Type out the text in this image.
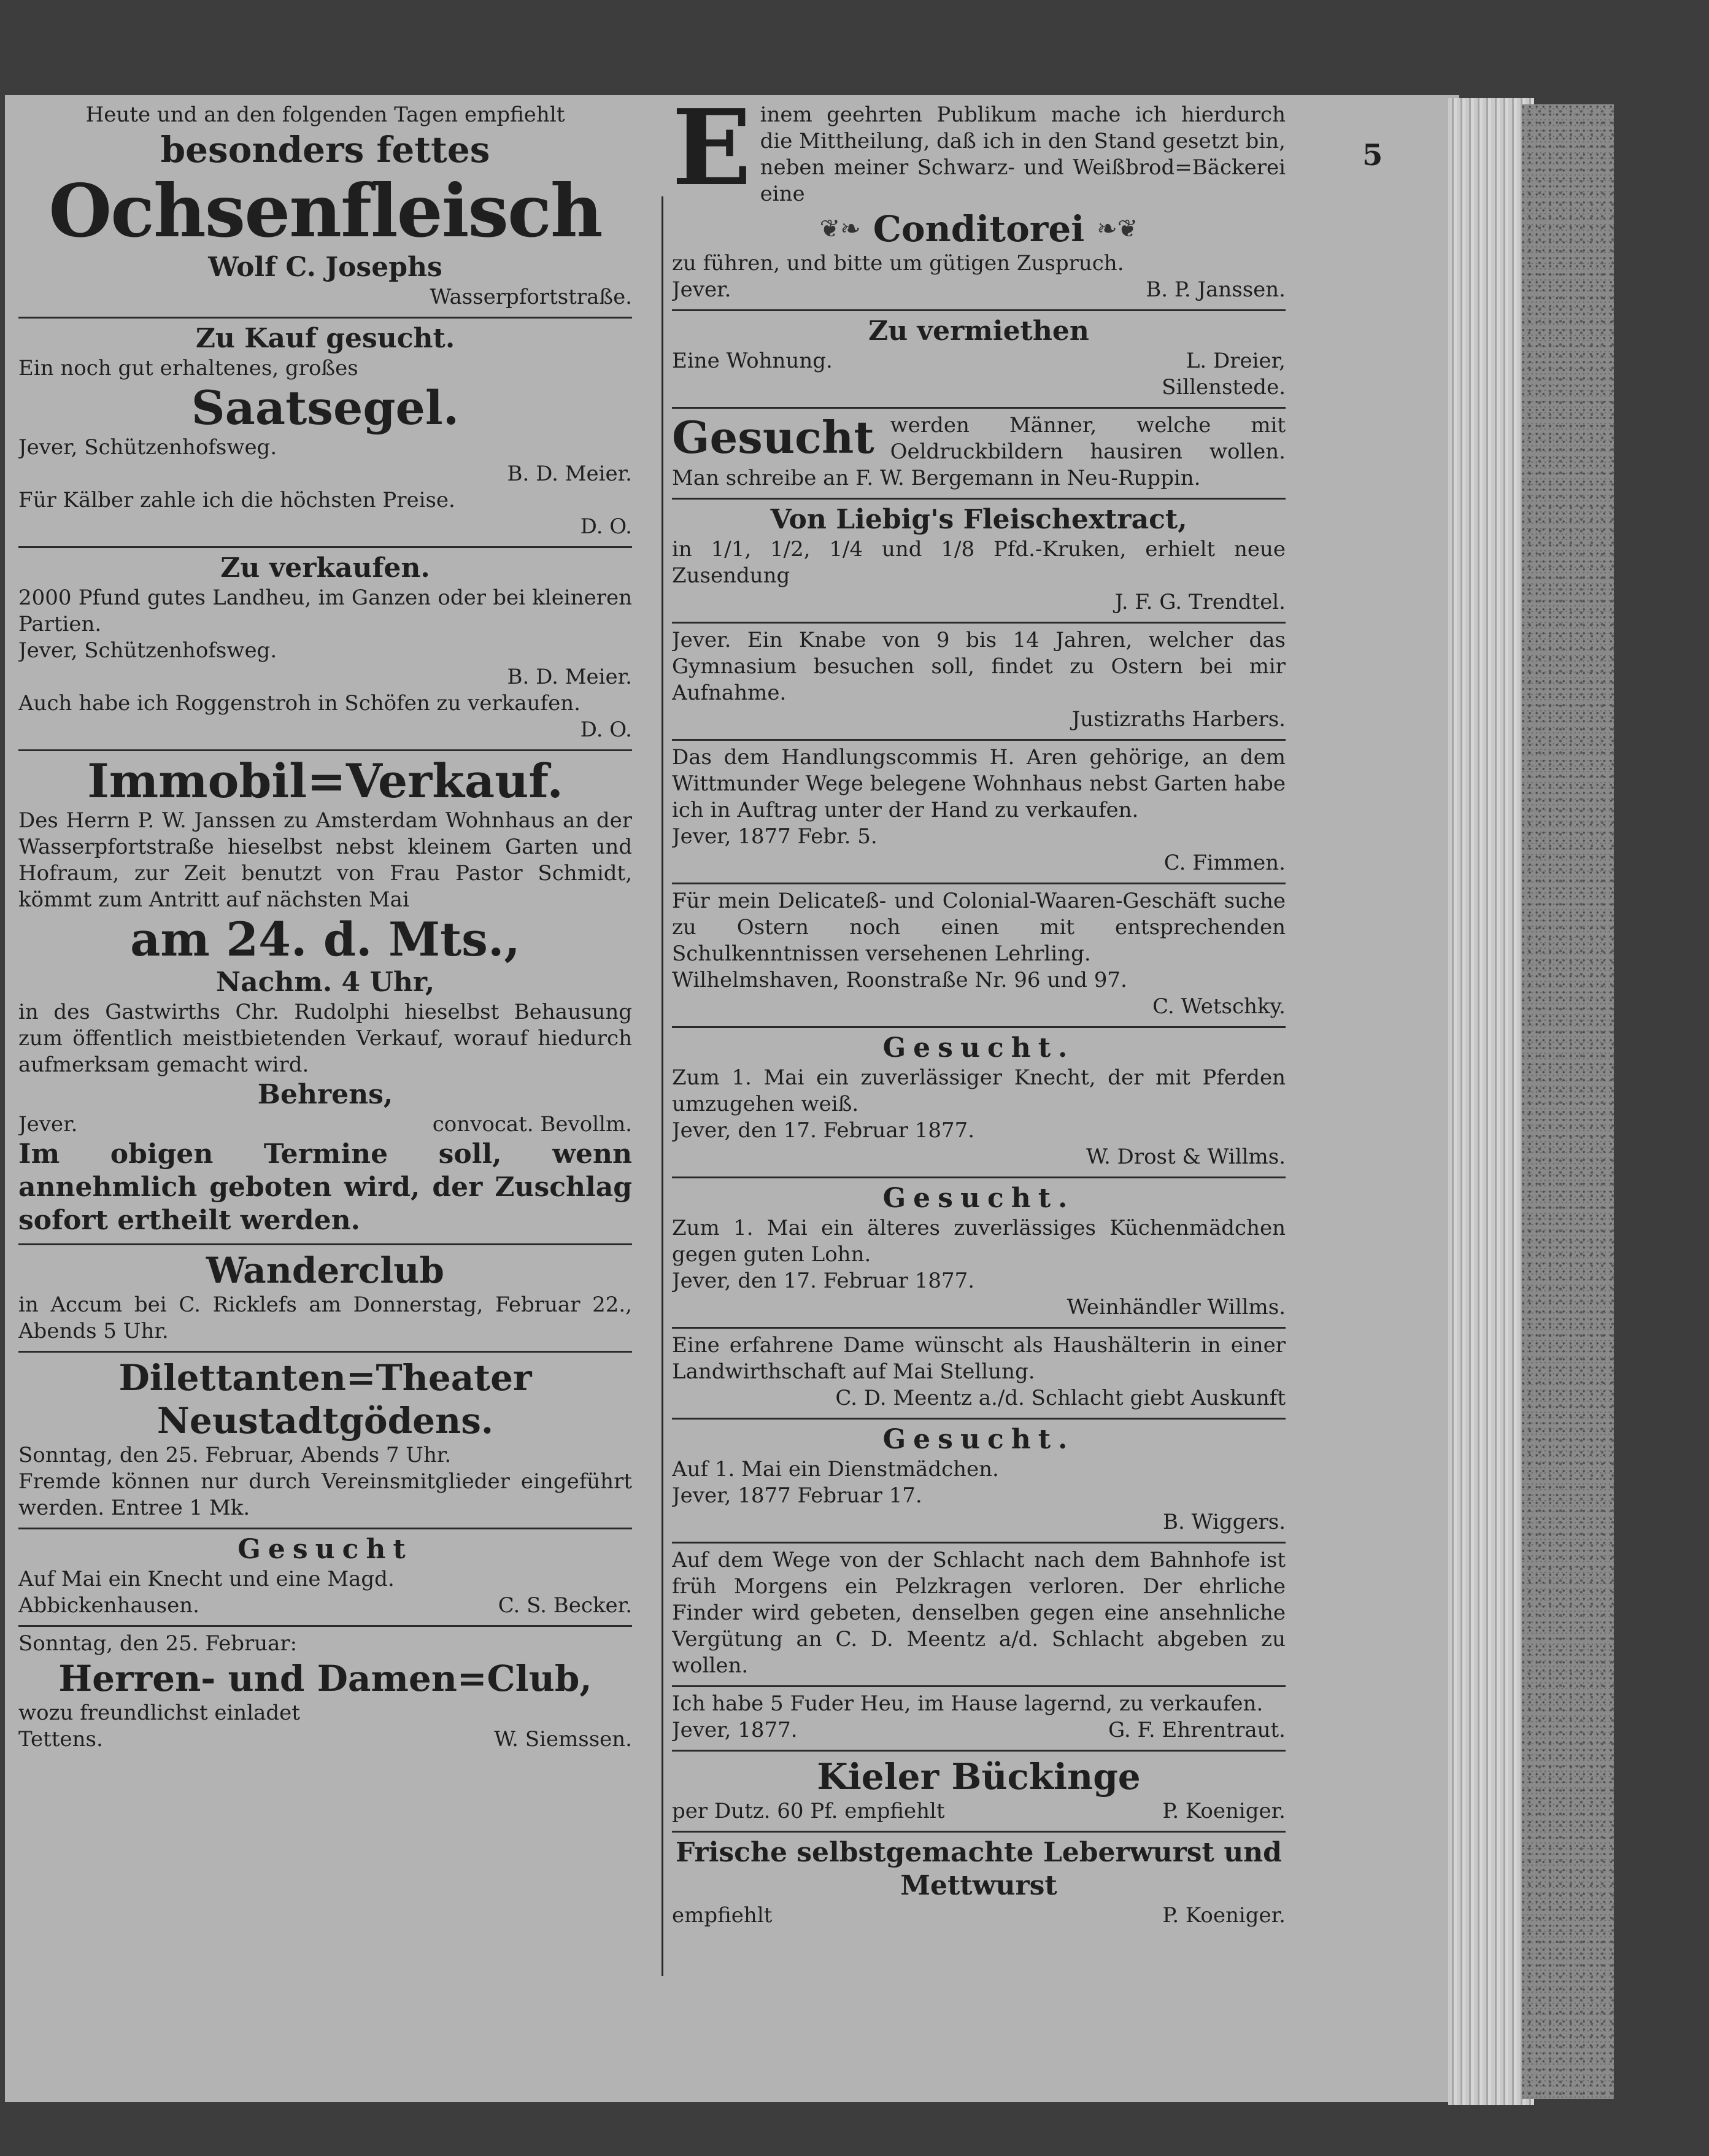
5

Heute und an den folgenden Tagen empfiehlt

besonders fettes
Ochsenfleisch
Wolf C. Josephs

Wasserpfortstraße.

Zu Kauf gesucht.

Ein noch gut erhaltenes, großes

Saatsegel.

Jever, Schützenhofsweg.

B. D. Meier.

Für Kälber zahle ich die höchsten Preise.

D. O.

Zu verkaufen.

2000 Pfund gutes Landheu, im Ganzen oder bei kleineren Partien.

Jever, Schützenhofsweg.

B. D. Meier.

Auch habe ich Roggenstroh in Schöfen zu verkaufen.

D. O.

Immobil=Verkauf.

Des Herrn P. W. Janssen zu Amsterdam Wohnhaus an der Wasserpfortstraße hieselbst nebst kleinem Garten und Hofraum, zur Zeit benutzt von Frau Pastor Schmidt, kömmt zum Antritt auf nächsten Mai

am 24. d. Mts.,
Nachm. 4 Uhr,

in des Gastwirths Chr. Rudolphi hieselbst Behausung zum öffentlich meistbietenden Verkauf, worauf hiedurch aufmerksam gemacht wird.

Behrens,
Jever.	convocat. Bevollm.
Im obigen Termine soll, wenn annehmlich geboten wird, der Zuschlag sofort ertheilt werden.
Wanderclub

in Accum bei C. Ricklefs am Donnerstag, Februar 22., Abends 5 Uhr.

Dilettanten=Theater
Neustadtgödens.

Sonntag, den 25. Februar, Abends 7 Uhr.

Fremde können nur durch Vereinsmitglieder eingeführt werden. Entree 1 Mk.

Gesucht

Auf Mai ein Knecht und eine Magd.

Abbickenhausen.	C. S. Becker.

Sonntag, den 25. Februar:

Herren- und Damen=Club,

wozu freundlichst einladet

Tettens.	W. Siemssen.
E inem geehrten Publikum mache ich hierdurch die Mittheilung, daß ich in den Stand gesetzt bin, neben meiner Schwarz- und Weißbrod=Bäckerei eine

❦❧ Conditorei ❧❦

zu führen, und bitte um gütigen Zuspruch.

Jever.	B. P. Janssen.
Zu vermiethen
Eine Wohnung.	L. Dreier,

Sillenstede.

Gesucht werden Männer, welche mit Oeldruckbildern hausiren wollen. Man schreibe an F. W. Bergemann in Neu-Ruppin.

Von Liebig's Fleischextract,

in 1/1, 1/2, 1/4 und 1/8 Pfd.-Kruken, erhielt neue Zusendung

J. F. G. Trendtel.

Jever. Ein Knabe von 9 bis 14 Jahren, welcher das Gymnasium besuchen soll, findet zu Ostern bei mir Aufnahme.

Justizraths Harbers.

Das dem Handlungscommis H. Aren gehörige, an dem Wittmunder Wege belegene Wohnhaus nebst Garten habe ich in Auftrag unter der Hand zu verkaufen.

Jever, 1877 Febr. 5.

C. Fimmen.

Für mein Delicateß- und Colonial-Waaren-Geschäft suche zu Ostern noch einen mit entsprechenden Schulkenntnissen versehenen Lehrling.

Wilhelmshaven, Roonstraße Nr. 96 und 97.

C. Wetschky.

Gesucht.

Zum 1. Mai ein zuverlässiger Knecht, der mit Pferden umzugehen weiß.

Jever, den 17. Februar 1877.

W. Drost & Willms.

Gesucht.

Zum 1. Mai ein älteres zuverlässiges Küchenmädchen gegen guten Lohn.

Jever, den 17. Februar 1877.

Weinhändler Willms.

Eine erfahrene Dame wünscht als Haushälterin in einer Landwirthschaft auf Mai Stellung.

C. D. Meentz a./d. Schlacht giebt Auskunft

Gesucht.

Auf 1. Mai ein Dienstmädchen.

Jever, 1877 Februar 17.

B. Wiggers.

Auf dem Wege von der Schlacht nach dem Bahnhofe ist früh Morgens ein Pelzkragen verloren. Der ehrliche Finder wird gebeten, denselben gegen eine ansehnliche Vergütung an C. D. Meentz a/d. Schlacht abgeben zu wollen.

Ich habe 5 Fuder Heu, im Hause lagernd, zu verkaufen.

Jever, 1877.	G. F. Ehrentraut.
Kieler Bückinge
per Dutz. 60 Pf. empfiehlt	P. Koeniger.
Frische selbstgemachte Leberwurst und Mettwurst
empfiehlt	P. Koeniger.
